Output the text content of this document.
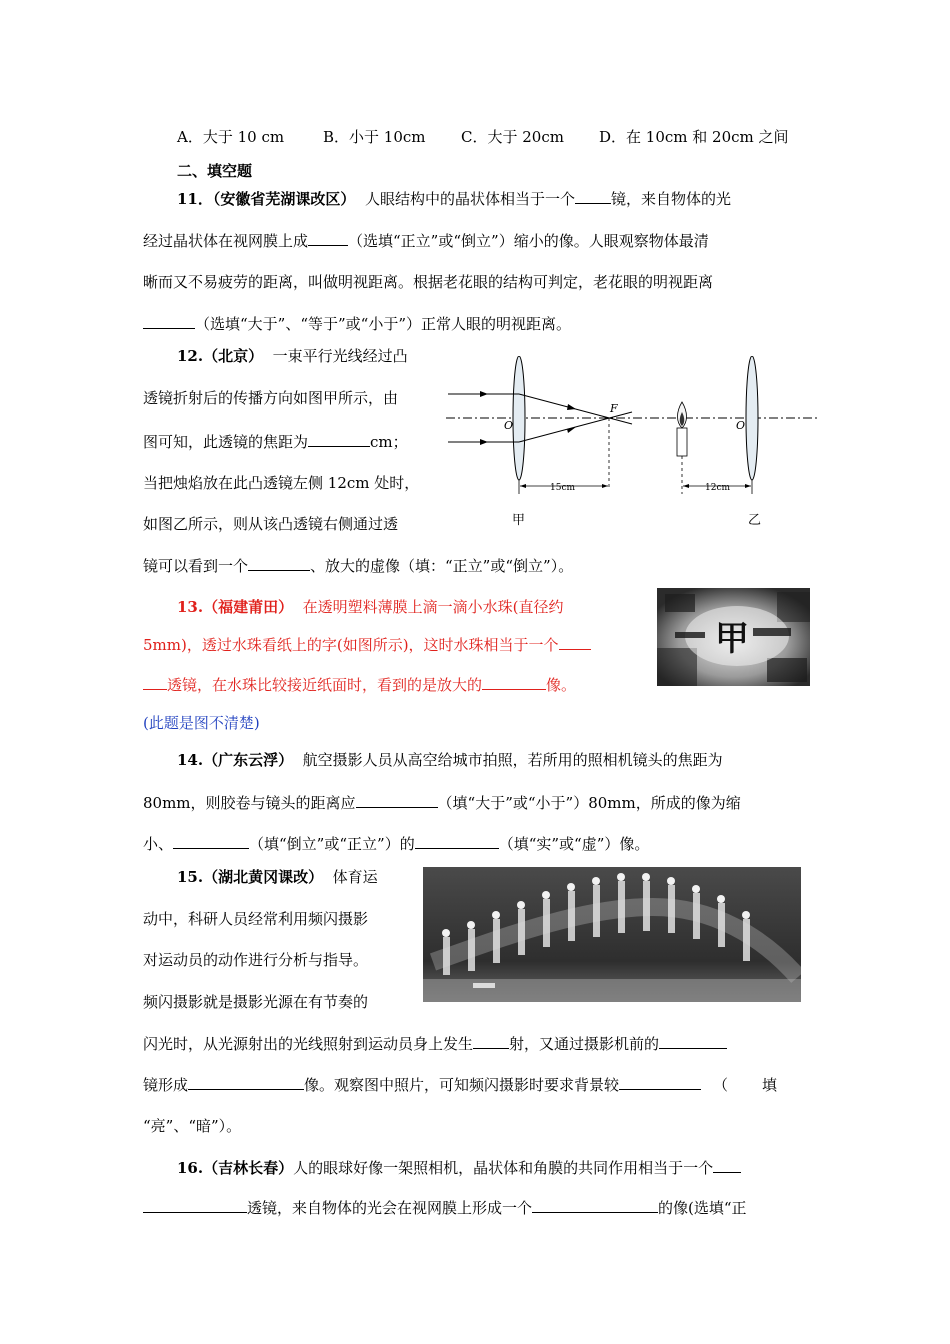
A．大于 10 cm	B．小于 10cm C．大于 20cm D．在 10cm 和 20cm 之间
二、填空题
11．（安徽省芜湖课改区） 人眼结构中的晶状体相当于一个 镜，来自物体的光
经过晶状体在视网膜上成	（选填“正立”或“倒立”）缩小的像。人眼观察物体最清
晰而又不易疲劳的距离，叫做明视距离。根据老花眼的结构可判定，老花眼的明视距离
（选填“大于”、“等于”或“小于”）正常人眼的明视距离。
12.（北京） 一束平行光线经过凸
透镜折射后的传播方向如图甲所示，由
图可知，此透镜的焦距为	cm；
当把烛焰放在此凸透镜左侧 12cm 处时，
如图乙所示，则从该凸透镜右侧通过透
镜可以看到一个	、放大的虚像（填：“正立”或“倒立”）。
15cm
O
F
12cm
O
甲	乙
13.（福建莆田） 在透明塑料薄膜上滴一滴小水珠(直径约
5mm)，透过水珠看纸上的字(如图所示)，这时水珠相当于一个
透镜，在水珠比较接近纸面时，看到的是放大的	像。
(此题是图不清楚)
甲
14.（广东云浮） 航空摄影人员从高空给城市拍照，若所用的照相机镜头的焦距为
80mm，则胶卷与镜头的距离应	（填“大于”或“小于”）80mm，所成的像为缩
小、	（填“倒立”或“正立”）的	（填“实”或“虚”）像。
15.（湖北黄冈课改） 体育运
动中，科研人员经常利用频闪摄影
对运动员的动作进行分析与指导。
频闪摄影就是摄影光源在有节奏的
闪光时，从光源射出的光线照射到运动员身上发生 射，又通过摄影机前的
镜形成	像。观察图中照片，可知频闪摄影时要求背景较	（ 填
“亮”、“暗”）。
16.（吉林长春）人的眼球好像一架照相机，晶状体和角膜的共同作用相当于一个
透镜，来自物体的光会在视网膜上形成一个	的像(选填“正
